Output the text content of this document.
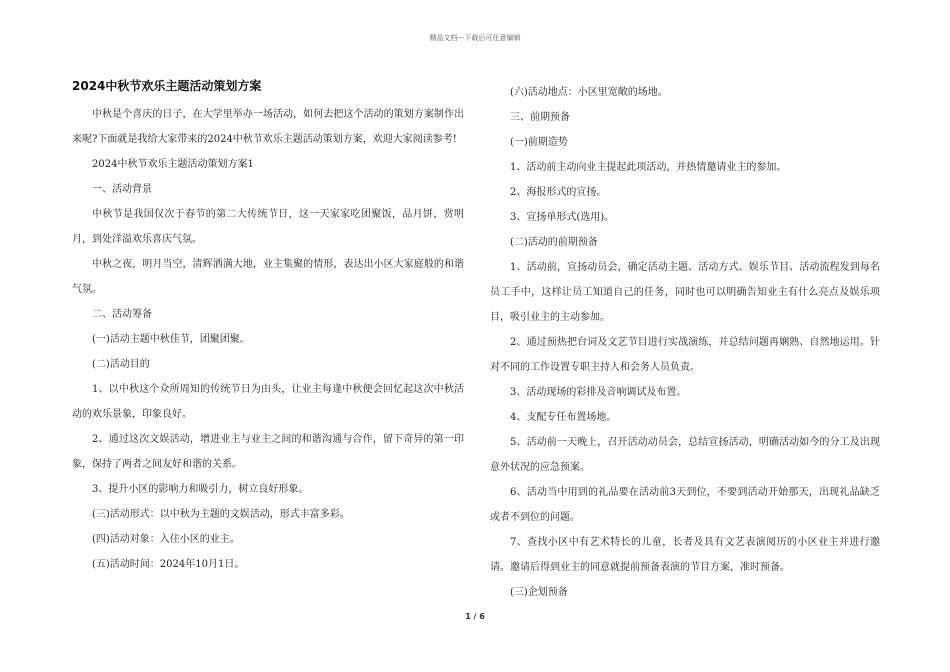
精品文档---下载后可任意编辑
2024中秋节欢乐主题活动策划方案

中秋是个喜庆的日子，在大学里举办一场活动，如何去把这个活动的策划方案制作出来呢?下面就是我给大家带来的2024中秋节欢乐主题活动策划方案，欢迎大家阅读参考!

2024中秋节欢乐主题活动策划方案1

一、活动背景

中秋节是我国仅次于春节的第二大传统节日，这一天家家吃团聚饭，品月饼，赏明月，到处洋溢欢乐喜庆气氛。

中秋之夜，明月当空，清辉洒满大地，业主集聚的情形，表达出小区大家庭般的和谐气氛。

二、活动筹备

(一)活动主题中秋佳节，团聚团聚。

(二)活动目的

1、以中秋这个众所周知的传统节日为由头，让业主每逢中秋便会回忆起这次中秋活动的欢乐景象，印象良好。

2、通过这次文娱活动，增进业主与业主之间的和谐沟通与合作，留下奇异的第一印象，保持了两者之间友好和谐的关系。

3、提升小区的影响力和吸引力，树立良好形象。

(三)活动形式：以中秋为主题的文娱活动，形式丰富多彩。

(四)活动对象：入住小区的业主。

(五)活动时间：2024年10月1日。

(六)活动地点：小区里宽敞的场地。

三、前期预备

(一)前期造势

1、活动前主动向业主提起此项活动，并热情邀请业主的参加。

2、海报形式的宣扬。

3、宣扬单形式(选用)。

(二)活动的前期预备

1、活动前，宣扬动员会，确定活动主题、活动方式、娱乐节目、活动流程发到每名员工手中，这样让员工知道自己的任务，同时也可以明确告知业主有什么亮点及娱乐项目，吸引业主的主动参加。

2、通过预热把台词及文艺节目进行实战演练，并总结问题再娴熟、自然地运用。针对不同的工作设置专职主持人和会务人员负责。

3、活动现场的彩排及音响调试及布置。

4、支配专任布置场地。

5、活动前一天晚上，召开活动动员会，总结宣扬活动，明确活动如今的分工及出现意外状况的应急预案。

6、活动当中用到的礼品要在活动前3天到位，不要到活动开始那天，出现礼品缺乏或者不到位的问题。

7、查找小区中有艺术特长的儿童，长者及具有文艺表演阅历的小区业主并进行邀请。邀请后得到业主的同意就提前预备表演的节目方案，准时预备。

(三)企划预备

1 / 6
